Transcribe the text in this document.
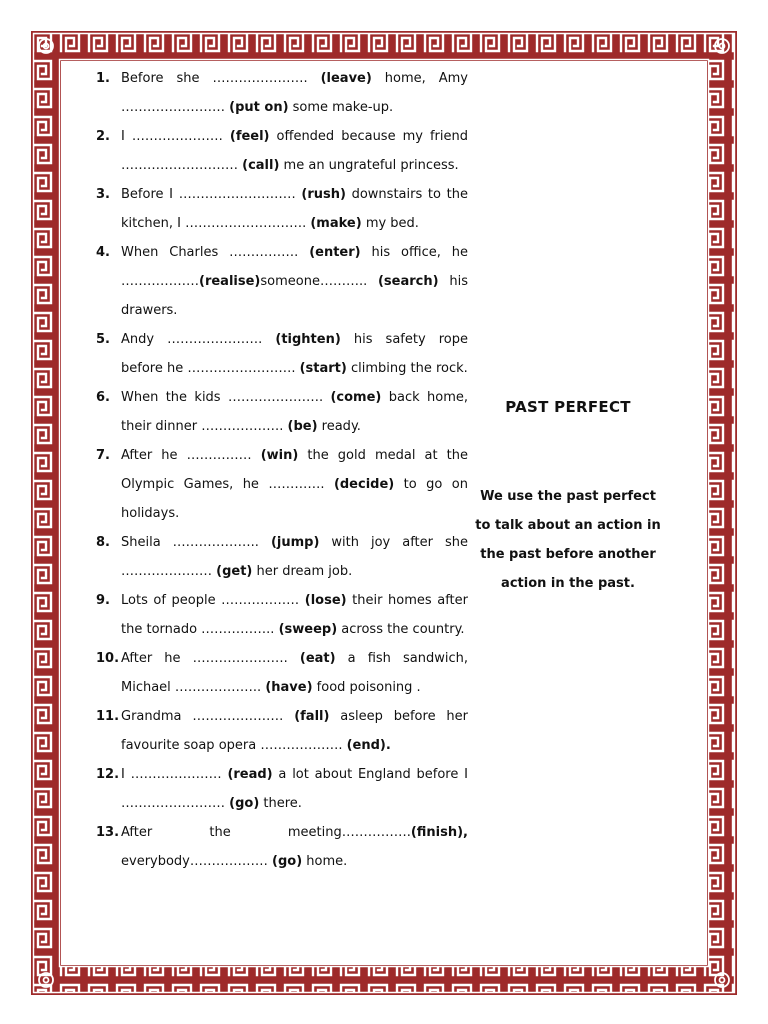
1. Before she …………………. (leave) home, Amy …………………… (put on) some make-up.
2. I ………………… (feel) offended because my friend ……………………… (call) me an ungrateful princess.
3. Before I ……………………… (rush) downstairs to the kitchen, I ………………………. (make) my bed.
4. When Charles ……………. (enter) his office, he ………………(realise)someone……….. (search) his drawers.
5. Andy …………………. (tighten) his safety rope before he ……………………. (start) climbing the rock.
6. When the kids …………………. (come) back home, their dinner ………………. (be) ready.
7. After he …………… (win) the gold medal at the Olympic Games, he …………. (decide) to go on holidays.
8. Sheila ……………….. (jump) with joy after she ………………… (get) her dream job.
9. Lots of people ……………… (lose) their homes after the tornado …………….. (sweep) across the country.
10. After he …………………. (eat) a fish sandwich, Michael ……………….. (have) food poisoning .
11. Grandma ………………… (fall) asleep before her favourite soap opera ………………. (end).
12. I ………………… (read) a lot about England before I …………………… (go) there.
13. After the meeting…………….(finish), everybody……………… (go) home.
PAST PERFECT
We use the past perfect to talk about an action in the past before another action in the past.
